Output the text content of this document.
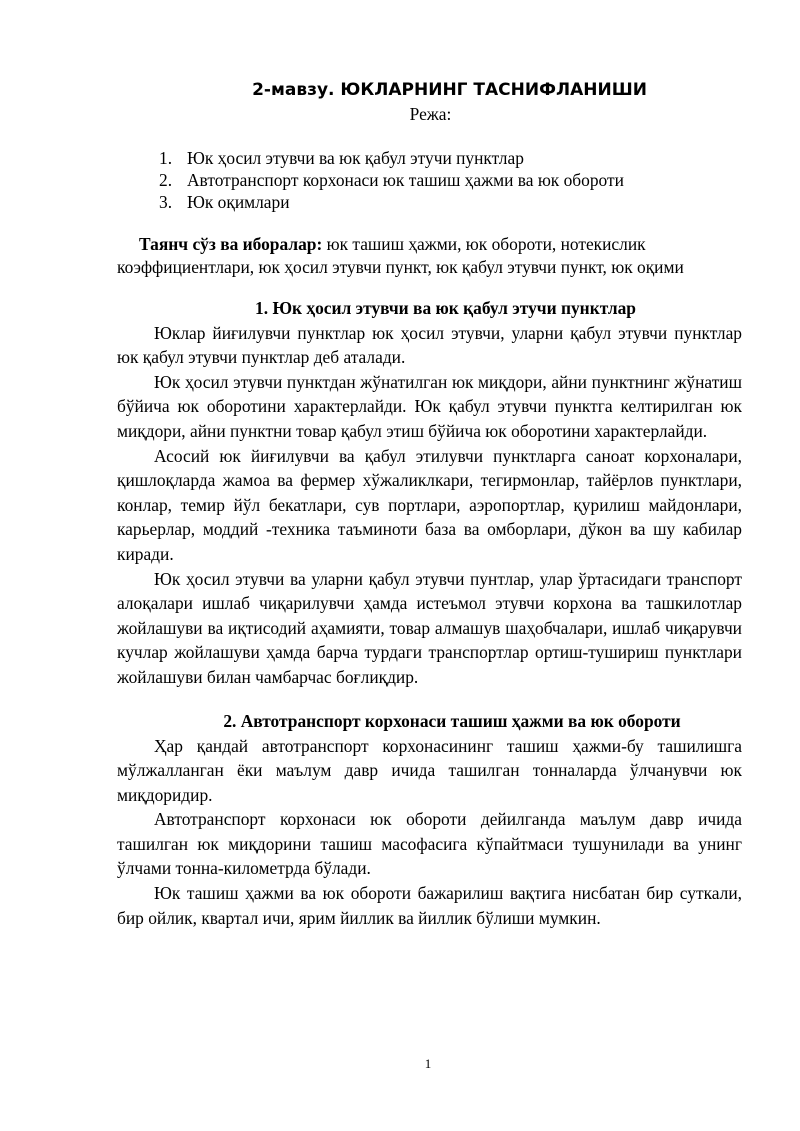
2-мавзу. ЮКЛАРНИНГ ТАСНИФЛАНИШИ

Режа:

1. Юк ҳосил этувчи ва юк қабул этучи пунктлар
2. Автотранспорт корхонаси юк ташиш ҳажми ва юк обороти
3. Юк оқимлари

Таянч сўз ва иборалар: юк ташиш ҳажми, юк обороти, нотекислик коэффициентлари, юк ҳосил этувчи пункт, юк қабул этувчи пункт, юк оқими

1. Юк ҳосил этувчи ва юк қабул этучи пунктлар

Юклар йиғилувчи пунктлар юк ҳосил этувчи, уларни қабул этувчи пунктлар юк қабул этувчи пунктлар деб аталади.

Юк ҳосил этувчи пунктдан жўнатилган юк миқдори, айни пунктнинг жўнатиш бўйича юк оборотини характерлайди. Юк қабул этувчи пунктга келтирилган юк миқдори, айни пунктни товар қабул этиш бўйича юк оборотини характерлайди.

Асосий юк йиғилувчи ва қабул этилувчи пунктларга саноат корхоналари, қишлоқларда жамоа ва фермер хўжаликлкари, тегирмонлар, тайёрлов пунктлари, конлар, темир йўл бекатлари, сув портлари, аэропортлар, қурилиш майдонлари, карьерлар, моддий -техника таъминоти база ва омборлари, дўкон ва шу кабилар киради.

Юк ҳосил этувчи ва уларни қабул этувчи пунтлар, улар ўртасидаги транспорт алоқалари ишлаб чиқарилувчи ҳамда истеъмол этувчи корхона ва ташкилотлар жойлашуви ва иқтисодий аҳамияти, товар алмашув шаҳобчалари, ишлаб чиқарувчи кучлар жойлашуви ҳамда барча турдаги транспортлар ортиш-тушириш пунктлари жойлашуви билан чамбарчас боғлиқдир.

2. Автотранспорт корхонаси ташиш ҳажми ва юк обороти

Ҳар қандай автотранспорт корхонасининг ташиш ҳажми-бу ташилишга мўлжалланган ёки маълум давр ичида ташилган тонналарда ўлчанувчи юк миқдоридир.

Автотранспорт корхонаси юк обороти дейилганда маълум давр ичида ташилган юк миқдорини ташиш масофасига кўпайтмаси тушунилади ва унинг ўлчами тонна-километрда бўлади.

Юк ташиш ҳажми ва юк обороти бажарилиш вақтига нисбатан бир суткали, бир ойлик, квартал ичи, ярим йиллик ва йиллик бўлиши мумкин.

1
